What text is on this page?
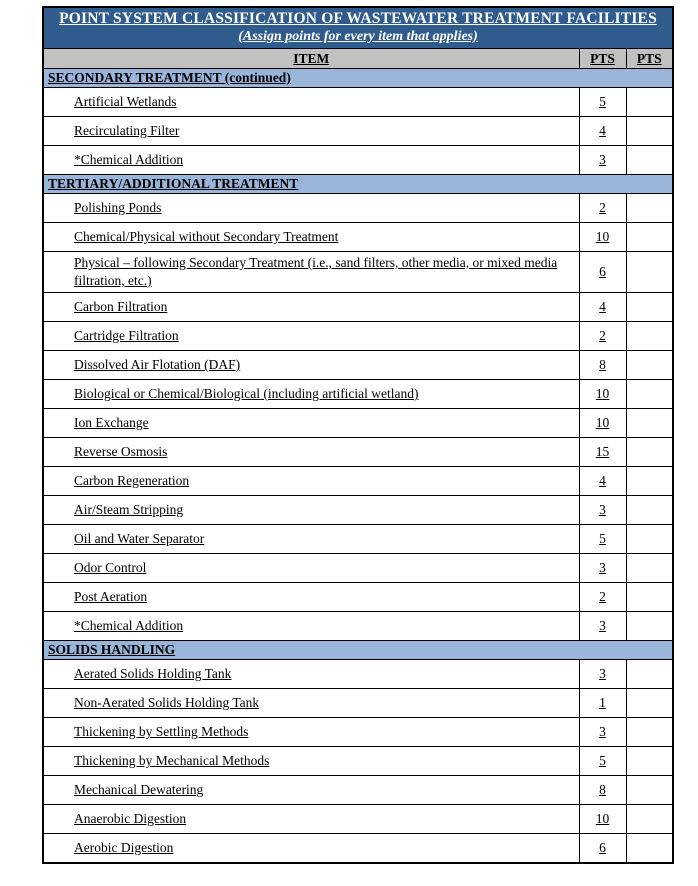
POINT SYSTEM CLASSIFICATION OF WASTEWATER TREATMENT FACILITIES
(Assign points for every item that applies)		

ITEM	PTS	PTS
SECONDARY TREATMENT (continued)		
Artificial Wetlands	5	
Recirculating Filter	4	
*Chemical Addition	3	
TERTIARY/ADDITIONAL TREATMENT		
Polishing Ponds	2	
Chemical/Physical without Secondary Treatment	10	
Physical – following Secondary Treatment (i.e., sand filters, other media, or mixed media filtration, etc.)	6	
Carbon Filtration	4	
Cartridge Filtration	2	
Dissolved Air Flotation (DAF)	8	
Biological or Chemical/Biological (including artificial wetland)	10	
Ion Exchange	10	
Reverse Osmosis	15	
Carbon Regeneration	4	
Air/Steam Stripping	3	
Oil and Water Separator	5	
Odor Control	3	
Post Aeration	2	
*Chemical Addition	3	
SOLIDS HANDLING		
Aerated Solids Holding Tank	3	
Non-Aerated Solids Holding Tank	1	
Thickening by Settling Methods	3	
Thickening by Mechanical Methods	5	
Mechanical Dewatering	8	
Anaerobic Digestion	10	
Aerobic Digestion	6	
